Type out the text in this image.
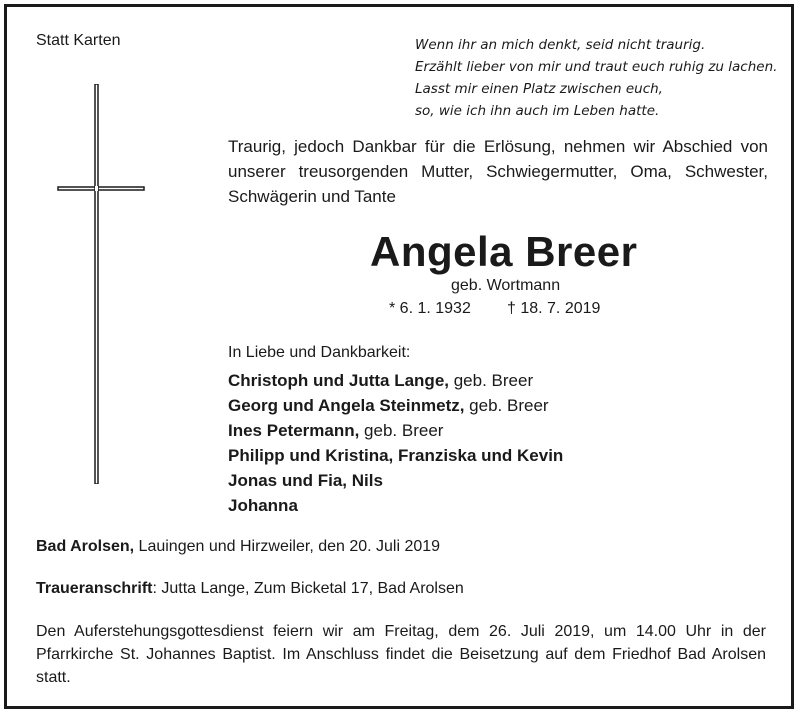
Statt Karten	Wenn ihr an mich denkt, seid nicht traurig.
Erzählt lieber von mir und traut euch ruhig zu lachen.
Lasst mir einen Platz zwischen euch,
so, wie ich ihn auch im Leben hatte.
Traurig, jedoch Dankbar für die Erlösung, nehmen wir Abschied von unserer treusorgenden Mutter, Schwiegermutter, Oma, Schwester, Schwägerin und Tante
Angela Breer
geb. Wortmann
* 6. 1. 1932 † 18. 7. 2019
In Liebe und Dankbarkeit:
Christoph und Jutta Lange, geb. Breer
Georg und Angela Steinmetz, geb. Breer
Ines Petermann, geb. Breer
Philipp und Kristina, Franziska und Kevin
Jonas und Fia, Nils
Johanna
Bad Arolsen, Lauingen und Hirzweiler, den 20. Juli 2019
Traueranschrift: Jutta Lange, Zum Bicketal 17, Bad Arolsen
Den Auferstehungsgottesdienst feiern wir am Freitag, dem 26. Juli 2019, um 14.00 Uhr in der Pfarrkirche St. Johannes Baptist. Im Anschluss findet die Beisetzung auf dem Friedhof Bad Arolsen statt.
